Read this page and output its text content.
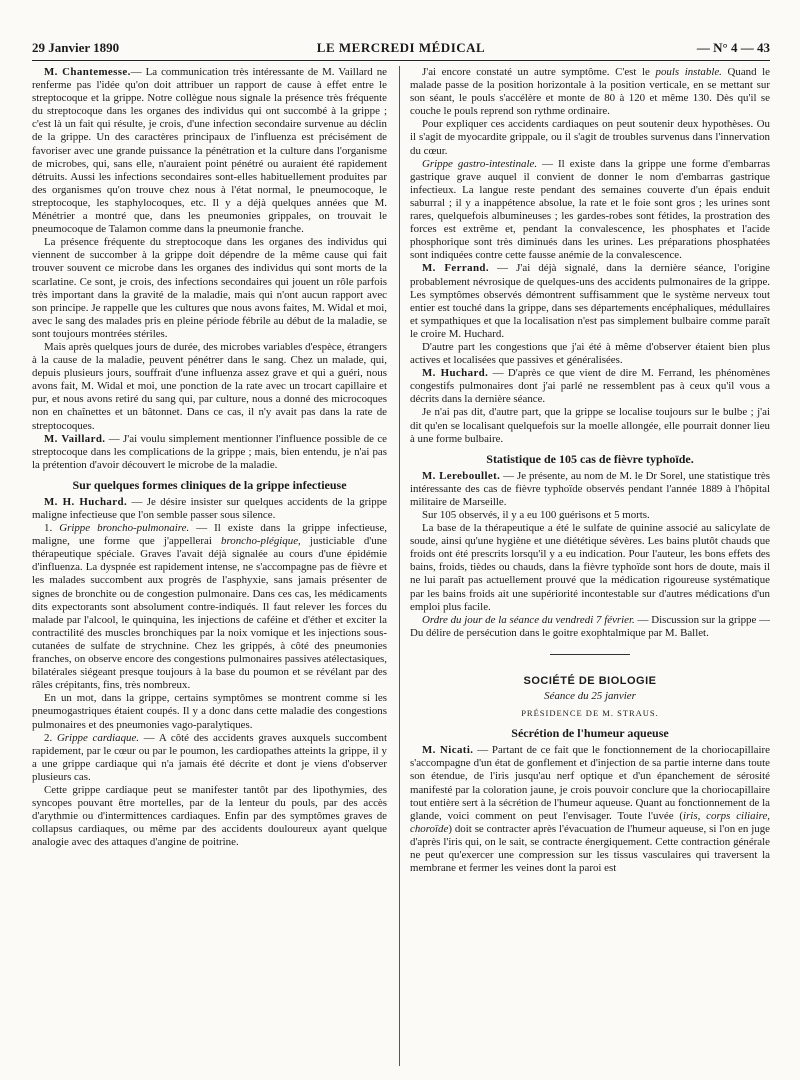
29 Janvier 1890	LE MERCREDI MÉDICAL	— N° 4 — 43

M. Chantemesse.— La communication très intéressante de M. Vaillard ne renferme pas l'idée qu'on doit attribuer un rapport de cause à effet entre le streptocoque et la grippe. Notre collègue nous signale la présence très fréquente du streptocoque dans les organes des individus qui ont succombé à la grippe ; c'est là un fait qui résulte, je crois, d'une infection secondaire survenue au déclin de la grippe. Un des caractères principaux de l'influenza est précisément de favoriser avec une grande puissance la pénétration et la culture dans l'organisme de microbes, qui, sans elle, n'auraient point pénétré ou auraient été rapidement détruits. Aussi les infections secondaires sont-elles habituellement produites par des organismes qu'on trouve chez nous à l'état normal, le pneumocoque, le streptocoque, les staphylocoques, etc. Il y a déjà quelques années que M. Ménétrier a montré que, dans les pneumonies grippales, on trouvait le pneumocoque de Talamon comme dans la pneumonie franche.

La présence fréquente du streptocoque dans les organes des individus qui viennent de succomber à la grippe doit dépendre de la même cause qui fait trouver souvent ce microbe dans les organes des individus qui sont morts de la scarlatine. Ce sont, je crois, des infections secondaires qui jouent un rôle parfois très important dans la gravité de la maladie, mais qui n'ont aucun rapport avec son principe. Je rappelle que les cultures que nous avons faites, M. Widal et moi, avec le sang des malades pris en pleine période fébrile au début de la maladie, se sont toujours montrées stériles.

Mais après quelques jours de durée, des microbes variables d'espèce, étrangers à la cause de la maladie, peuvent pénétrer dans le sang. Chez un malade, qui, depuis plusieurs jours, souffrait d'une influenza assez grave et qui a guéri, nous avons fait, M. Widal et moi, une ponction de la rate avec un trocart capillaire et pur, et nous avons retiré du sang qui, par culture, nous a donné des microcoques non en chaînettes et un bâtonnet. Dans ce cas, il n'y avait pas dans la rate de streptocoques.

M. Vaillard. — J'ai voulu simplement mentionner l'influence possible de ce streptocoque dans les complications de la grippe ; mais, bien entendu, je n'ai pas la prétention d'avoir découvert le microbe de la maladie.

Sur quelques formes cliniques de la grippe infectieuse

M. H. Huchard. — Je désire insister sur quelques accidents de la grippe maligne infectieuse que l'on semble passer sous silence.

1. Grippe broncho-pulmonaire. — Il existe dans la grippe infectieuse, maligne, une forme que j'appellerai broncho-plégique, justiciable d'une thérapeutique spéciale. Graves l'avait déjà signalée au cours d'une épidémie d'influenza. La dyspnée est rapidement intense, ne s'accompagne pas de fièvre et les malades succombent aux progrès de l'asphyxie, sans jamais présenter de signes de bronchite ou de congestion pulmonaire. Dans ces cas, les médicaments dits expectorants sont absolument contre-indiqués. Il faut relever les forces du malade par l'alcool, le quinquina, les injections de caféine et d'éther et exciter la contractilité des muscles bronchiques par la noix vomique et les injections sous-cutanées de sulfate de strychnine. Chez les grippés, à côté des pneumonies franches, on observe encore des congestions pulmonaires passives atélectasiques, bilatérales siégeant presque toujours à la base du poumon et se révélant par des râles crépitants, fins, très nombreux.

En un mot, dans la grippe, certains symptômes se montrent comme si les pneumogastriques étaient coupés. Il y a donc dans cette maladie des congestions pulmonaires et des pneumonies vago-paralytiques.

2. Grippe cardiaque. — A côté des accidents graves auxquels succombent rapidement, par le cœur ou par le poumon, les cardiopathes atteints la grippe, il y a une grippe cardiaque qui n'a jamais été décrite et dont je viens d'observer plusieurs cas.

Cette grippe cardiaque peut se manifester tantôt par des lipothymies, des syncopes pouvant être mortelles, par de la lenteur du pouls, par des accès d'arythmie ou d'intermittences cardiaques. Enfin par des symptômes graves de collapsus cardiaques, ou même par des accidents douloureux ayant quelque analogie avec des attaques d'angine de poitrine.

J'ai encore constaté un autre symptôme. C'est le pouls instable. Quand le malade passe de la position horizontale à la position verticale, en se mettant sur son séant, le pouls s'accélère et monte de 80 à 120 et même 130. Dès qu'il se couche le pouls reprend son rythme ordinaire.

Pour expliquer ces accidents cardiaques on peut soutenir deux hypothèses. Ou il s'agit de myocardite grippale, ou il s'agit de troubles survenus dans l'innervation du cœur.

Grippe gastro-intestinale. — Il existe dans la grippe une forme d'embarras gastrique grave auquel il convient de donner le nom d'embarras gastrique infectieux. La langue reste pendant des semaines couverte d'un épais enduit saburral ; il y a inappétence absolue, la rate et le foie sont gros ; les urines sont rares, quelquefois albumineuses ; les gardes-robes sont fétides, la prostration des forces est extrême et, pendant la convalescence, les phosphates et l'acide phosphorique sont très diminués dans les urines. Les préparations phosphatées sont indiquées contre cette fausse anémie de la convalescence.

M. Ferrand. — J'ai déjà signalé, dans la dernière séance, l'origine probablement névrosique de quelques-uns des accidents pulmonaires de la grippe. Les symptômes observés démontrent suffisamment que le système nerveux tout entier est touché dans la grippe, dans ses départements encéphaliques, médullaires et sympathiques et que la localisation n'est pas simplement bulbaire comme paraît le croire M. Huchard.

D'autre part les congestions que j'ai été à même d'observer étaient bien plus actives et localisées que passives et généralisées.

M. Huchard. — D'après ce que vient de dire M. Ferrand, les phénomènes congestifs pulmonaires dont j'ai parlé ne ressemblent pas à ceux qu'il vous a décrits dans la dernière séance.

Je n'ai pas dit, d'autre part, que la grippe se localise toujours sur le bulbe ; j'ai dit qu'en se localisant quelquefois sur la moelle allongée, elle pourrait donner lieu à une forme bulbaire.

Statistique de 105 cas de fièvre typhoïde.

M. Lereboullet. — Je présente, au nom de M. le Dr Sorel, une statistique très intéressante des cas de fièvre typhoïde observés pendant l'année 1889 à l'hôpital militaire de Marseille.

Sur 105 observés, il y a eu 100 guérisons et 5 morts.

La base de la thérapeutique a été le sulfate de quinine associé au salicylate de soude, ainsi qu'une hygiène et une diététique sévères. Les bains plutôt chauds que froids ont été prescrits lorsqu'il y a eu indication. Pour l'auteur, les bons effets des bains, froids, tièdes ou chauds, dans la fièvre typhoïde sont hors de doute, mais il ne lui paraît pas actuellement prouvé que la médication rigoureuse systématique par les bains froids ait une supériorité incontestable sur d'autres médications d'un emploi plus facile.

Ordre du jour de la séance du vendredi 7 février. — Discussion sur la grippe — Du délire de persécution dans le goitre exophtalmique par M. Ballet.

SOCIÉTÉ DE BIOLOGIE
Séance du 25 janvier
PRÉSIDENCE DE M. STRAUS.
Sécrétion de l'humeur aqueuse

M. Nicati. — Partant de ce fait que le fonctionnement de la choriocapillaire s'accompagne d'un état de gonflement et d'injection de sa partie interne dans toute son étendue, de l'iris jusqu'au nerf optique et d'un épanchement de sérosité manifesté par la coloration jaune, je crois pouvoir conclure que la choriocapillaire tout entière sert à la sécrétion de l'humeur aqueuse. Quant au fonctionnement de la glande, voici comment on peut l'envisager. Toute l'uvée (iris, corps ciliaire, choroïde) doit se contracter après l'évacuation de l'humeur aqueuse, si l'on en juge d'après l'iris qui, on le sait, se contracte énergiquement. Cette contraction générale ne peut qu'exercer une compression sur les tissus vasculaires qui traversent la membrane et fermer les veines dont la paroi est
